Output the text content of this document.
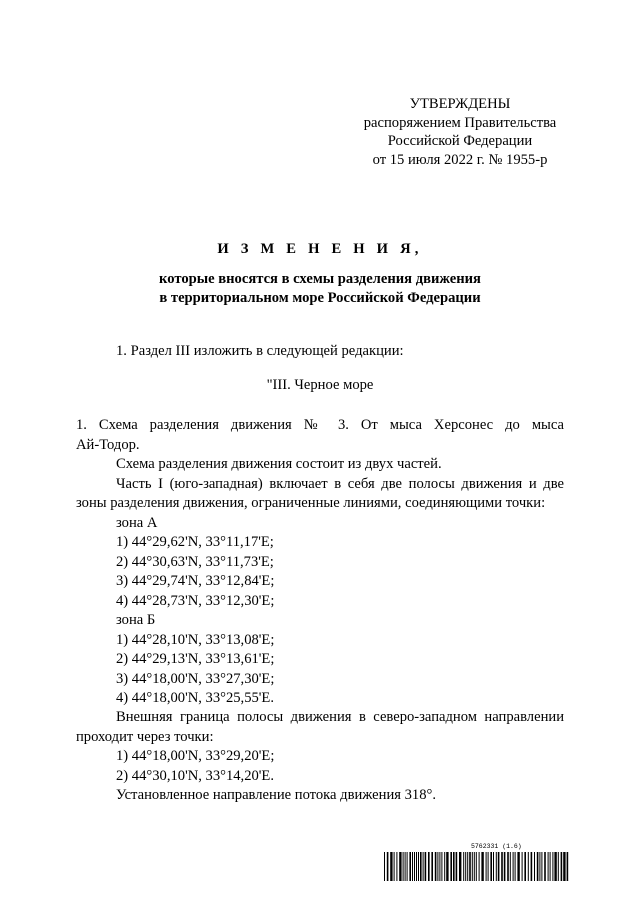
УТВЕРЖДЕНЫ
распоряжением Правительства
Российской Федерации
от 15 июля 2022 г. № 1955-р
И З М Е Н Е Н И Я,
которые вносятся в схемы разделения движения
в территориальном море Российской Федерации
1. Раздел III изложить в следующей редакции:
"III. Черное море
1. Схема разделения движения № 3. От мыса Херсонес до мыса
Ай-Тодор.
Схема разделения движения состоит из двух частей.
Часть I (юго-западная) включает в себя две полосы движения и две
зоны разделения движения, ограниченные линиями, соединяющими точки:
зона А
1) 44°29,62'N, 33°11,17'E;
2) 44°30,63'N, 33°11,73'E;
3) 44°29,74'N, 33°12,84'E;
4) 44°28,73'N, 33°12,30'E;
зона Б
1) 44°28,10'N, 33°13,08'E;
2) 44°29,13'N, 33°13,61'E;
3) 44°18,00'N, 33°27,30'E;
4) 44°18,00'N, 33°25,55'E.
Внешняя граница полосы движения в северо-западном направлении
проходит через точки:
1) 44°18,00'N, 33°29,20'E;
2) 44°30,10'N, 33°14,20'E.
Установленное направление потока движения 318°.
5762331 (1.6)
